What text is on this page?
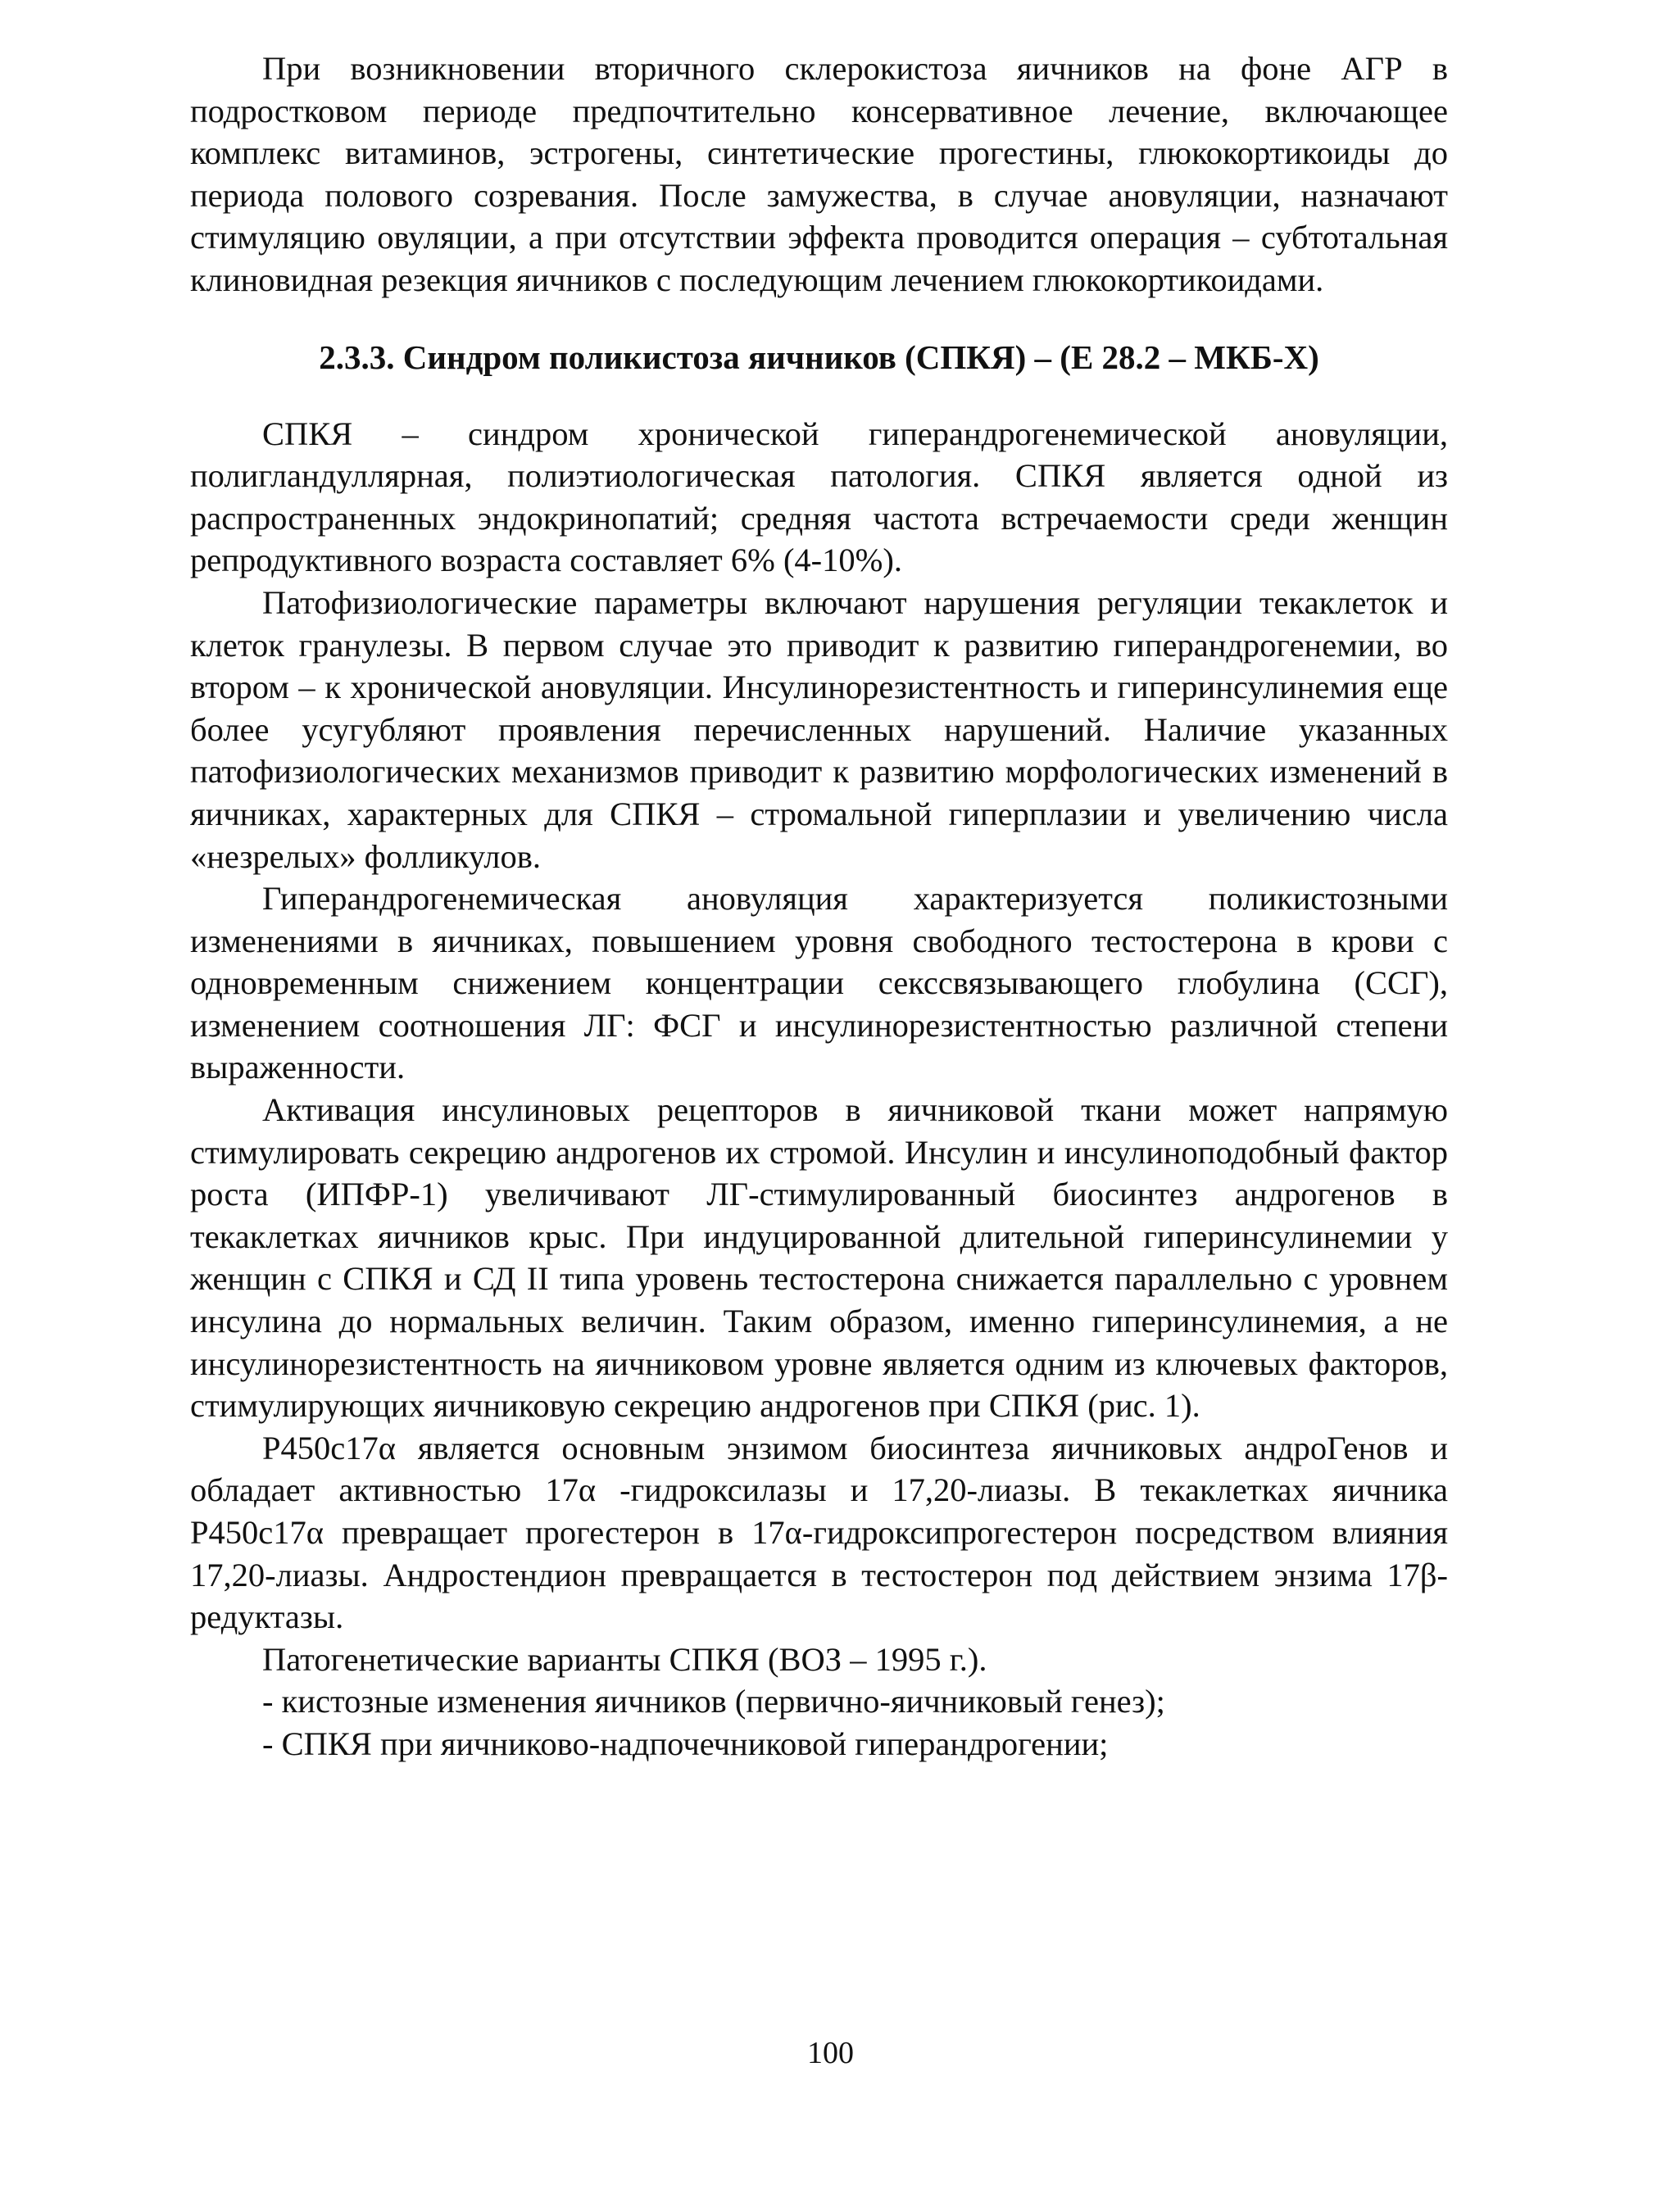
При возникновении вторичного склерокистоза яичников на фоне АГР в подростковом периоде предпочтительно консервативное лечение, включающее комплекс витаминов, эстрогены, синтетические прогестины, глюкокортикоиды до периода полового созревания. После замужества, в случае ановуляции, назначают стимуляцию овуляции, а при отсутствии эффекта проводится операция – субтотальная клиновидная резекция яичников с последующим лечением глюкокортикоидами.

2.3.3. Синдром поликистоза яичников (СПКЯ) – (Е 28.2 – МКБ-Х)

СПКЯ – синдром хронической гиперандрогенемической ановуляции, полигландуллярная, полиэтиологическая патология. СПКЯ является одной из распространенных эндокринопатий; средняя частота встречаемости среди женщин репродуктивного возраста составляет 6% (4-10%).

Патофизиологические параметры включают нарушения регуляции текаклеток и клеток гранулезы. В первом случае это приводит к развитию гиперандрогенемии, во втором – к хронической ановуляции. Инсулинорезистентность и гиперинсулинемия еще более усугубляют проявления перечисленных нарушений. Наличие указанных патофизиологических механизмов приводит к развитию морфологических изменений в яичниках, характерных для СПКЯ – стромальной гиперплазии и увеличению числа «незрелых» фолликулов.

Гиперандрогенемическая ановуляция характеризуется поликистозными изменениями в яичниках, повышением уровня свободного тестостерона в крови с одновременным снижением концентрации сексcвязывающего глобулина (ССГ), изменением соотношения ЛГ: ФСГ и инсулинорезистентностью различной степени выраженности.

Активация инсулиновых рецепторов в яичниковой ткани может напрямую стимулировать секрецию андрогенов их стромой. Инсулин и инсулиноподобный фактор роста (ИПФР-1) увеличивают ЛГ-стимулированный биосинтез андрогенов в текаклетках яичников крыс. При индуцированной длительной гиперинсулинемии у женщин с СПКЯ и СД II типа уровень тестостерона снижается параллельно с уровнем инсулина до нормальных величин. Таким образом, именно гиперинсулинемия, а не инсулинорезистентность на яичниковом уровне является одним из ключевых факторов, стимулирующих яичниковую секрецию андрогенов при СПКЯ (рис. 1).

Р450с17α является основным энзимом биосинтеза яичниковых андроГенов и обладает активностью 17α -гидроксилазы и 17,20-лиазы. В текаклетках яичника Р450с17α превращает прогестерон в 17α-гидроксипрогестерон посредством влияния 17,20-лиазы. Андростендион превращается в тестостерон под действием энзима 17β-редуктазы.

Патогенетические варианты СПКЯ (ВОЗ – 1995 г.).

- кистозные изменения яичников (первично-яичниковый генез);

- СПКЯ при яичниково-надпочечниковой гиперандрогении;

100
